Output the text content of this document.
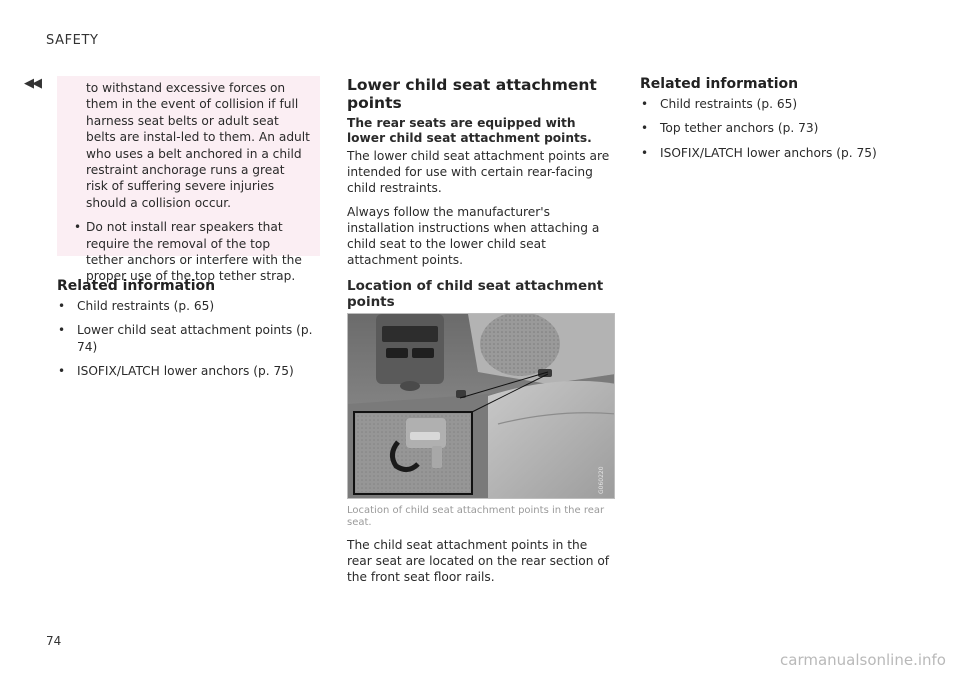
SAFETY
◀◀	to withstand excessive forces on them in the event of collision if full harness seat belts or adult seat belts are instal-led to them. An adult who uses a belt anchored in a child restraint anchorage runs a great risk of suffering severe injuries should a collision occur.

• Do not install rear speakers that require the removal of the top tether anchors or interfere with the proper use of the top tether strap.
Related information
• Child restraints (p. 65)
• Lower child seat attachment points (p. 74)
• ISOFIX/LATCH lower anchors (p. 75)
Lower child seat attachment points

The rear seats are equipped with lower child seat attachment points.

The lower child seat attachment points are intended for use with certain rear-facing child restraints.

Always follow the manufacturer's installation instructions when attaching a child seat to the lower child seat attachment points.

Location of child seat attachment points
G060220

Location of child seat attachment points in the rear seat.

The child seat attachment points in the rear seat are located on the rear section of the front seat floor rails.

Related information
• Child restraints (p. 65)
• Top tether anchors (p. 73)
• ISOFIX/LATCH lower anchors (p. 75)
74
carmanualsonline.info
